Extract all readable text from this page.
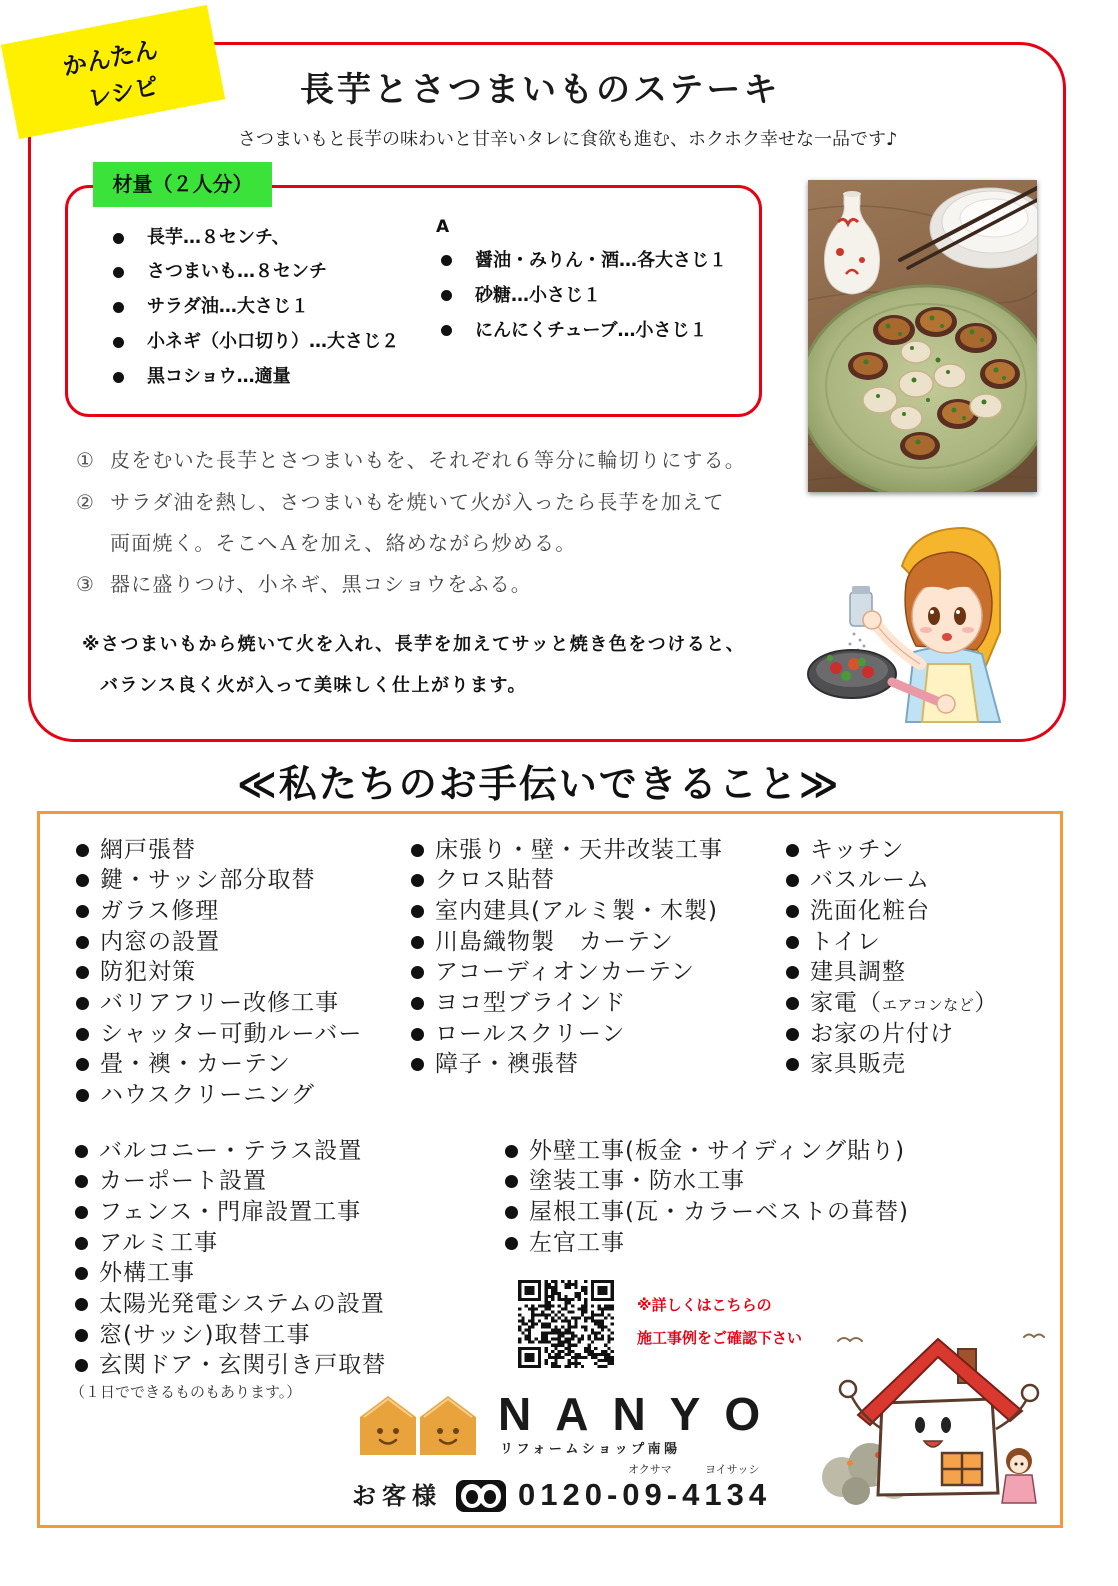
かんたん
レシピ	長芋とさつまいものステーキ
さつまいもと長芋の味わいと甘辛いタレに食欲も進む、ホクホク幸せな一品です♪
材量（２人分）
長芋…８センチ、
さつまいも…８センチ
サラダ油…大さじ１
小ネギ（小口切り）…大さじ２
黒コショウ…適量
A
醤油・みりん・酒…各大さじ１
砂糖…小さじ１
にんにくチューブ…小さじ１
① 皮をむいた長芋とさつまいもを、それぞれ６等分に輪切りにする。
② サラダ油を熱し、さつまいもを焼いて火が入ったら長芋を加えて
両面焼く。そこへＡを加え、絡めながら炒める。
③ 器に盛りつけ、小ネギ、黒コショウをふる。
※さつまいもから焼いて火を入れ、長芋を加えてサッと焼き色をつけると、
バランス良く火が入って美味しく仕上がります。
≪私たちのお手伝いできること≫
網戸張替
鍵・サッシ部分取替
ガラス修理
内窓の設置
防犯対策
バリアフリー改修工事
シャッター可動ルーバー
畳・襖・カーテン
ハウスクリーニング
床張り・壁・天井改装工事
クロス貼替
室内建具(アルミ製・木製)
川島織物製　カーテン
アコーディオンカーテン
ヨコ型ブラインド
ロールスクリーン
障子・襖張替
キッチン
バスルーム
洗面化粧台
トイレ
建具調整
家電（エアコンなど）
お家の片付け
家具販売
バルコニー・テラス設置
カーポート設置
フェンス・門扉設置工事
アルミ工事
外構工事
太陽光発電システムの設置
窓(サッシ)取替工事
玄関ドア・玄関引き戸取替
外壁工事(板金・サイディング貼り)
塗装工事・防水工事
屋根工事(瓦・カラーベストの葺替)
左官工事
（１日でできるものもあります。）
※詳しくはこちらの
施工事例をご確認下さい
NANYO
リフォームショップ南陽
オクサマ	ヨイサッシ
お客様 0120-09-4134
